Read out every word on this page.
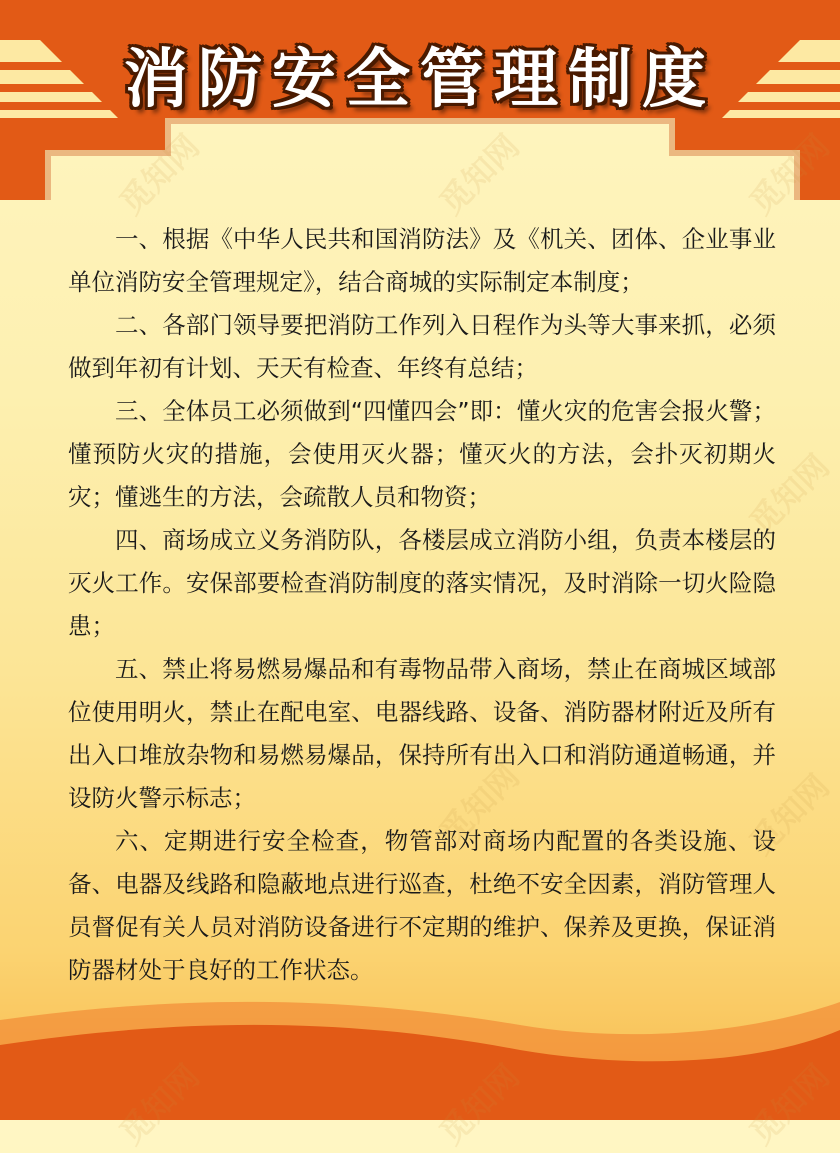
觅知网	觅知网	觅知网
觅知网
觅知网	觅知网
消防安全管理制度

一、根据《中华人民共和国消防法》及《机关、团体、企业事业单位消防安全管理规定》，结合商城的实际制定本制度；

二、各部门领导要把消防工作列入日程作为头等大事来抓，必须做到年初有计划、天天有检查、年终有总结；

三、全体员工必须做到“四懂四会”即：懂火灾的危害会报火警；懂预防火灾的措施，会使用灭火器；懂灭火的方法，会扑灭初期火灾；懂逃生的方法，会疏散人员和物资；

四、商场成立义务消防队，各楼层成立消防小组，负责本楼层的灭火工作。安保部要检查消防制度的落实情况，及时消除一切火险隐患；

五、禁止将易燃易爆品和有毒物品带入商场，禁止在商城区域部位使用明火，禁止在配电室、电器线路、设备、消防器材附近及所有出入口堆放杂物和易燃易爆品，保持所有出入口和消防通道畅通，并设防火警示标志；

六、定期进行安全检查，物管部对商场内配置的各类设施、设备、电器及线路和隐蔽地点进行巡查，杜绝不安全因素，消防管理人员督促有关人员对消防设备进行不定期的维护、保养及更换，保证消防器材处于良好的工作状态。
